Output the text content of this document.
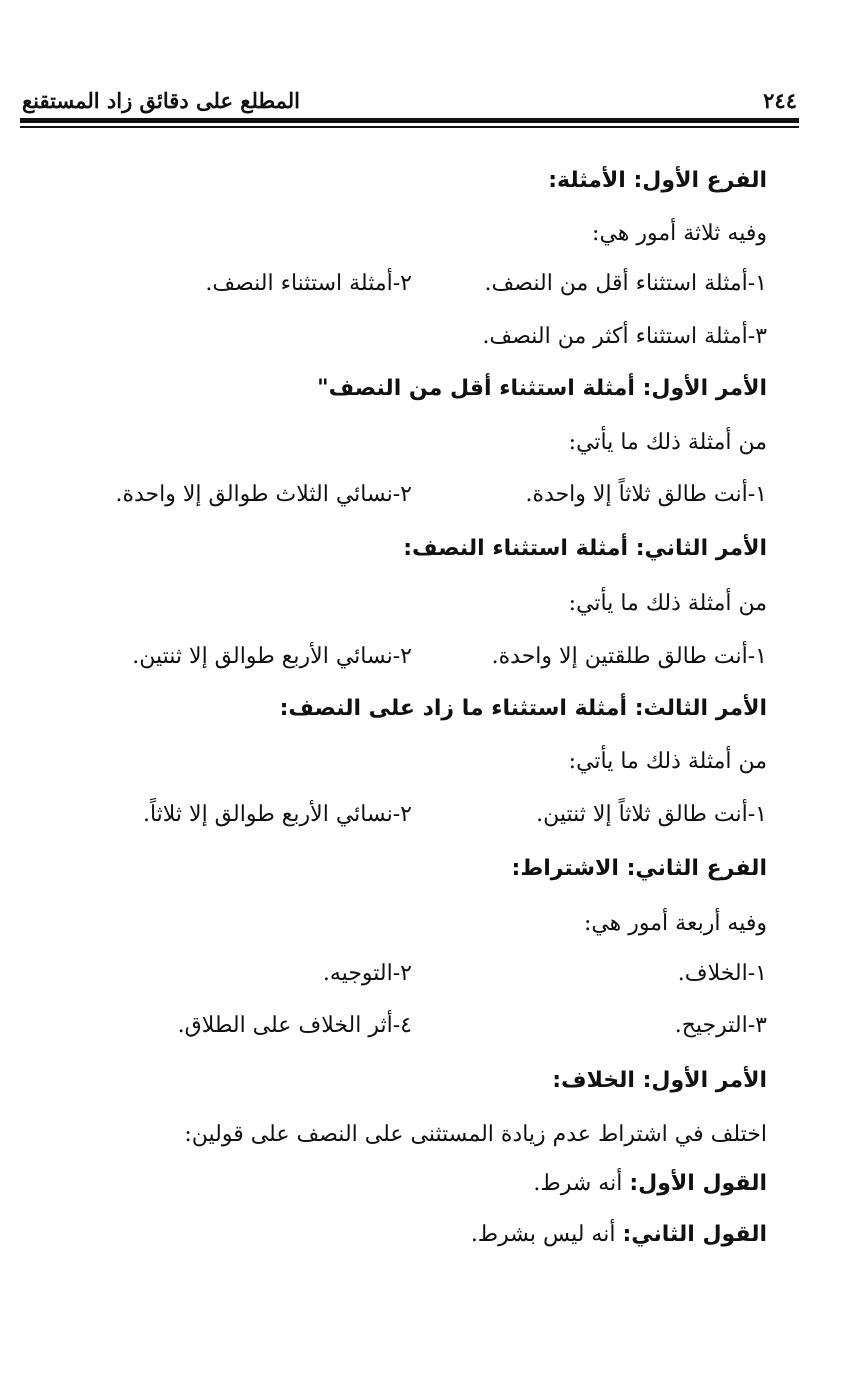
٢٤٤
المطلع على دقائق زاد المستقنع
الفرع الأول: الأمثلة:
وفيه ثلاثة أمور هي:
١-أمثلة استثناء أقل من النصف.
٢-أمثلة استثناء النصف.
٣-أمثلة استثناء أكثر من النصف.
الأمر الأول: أمثلة استثناء أقل من النصف"
من أمثلة ذلك ما يأتي:
١-أنت طالق ثلاثاً إلا واحدة.
٢-نسائي الثلاث طوالق إلا واحدة.
الأمر الثاني: أمثلة استثناء النصف:
من أمثلة ذلك ما يأتي:
١-أنت طالق طلقتين إلا واحدة.
٢-نسائي الأربع طوالق إلا ثنتين.
الأمر الثالث: أمثلة استثناء ما زاد على النصف:
من أمثلة ذلك ما يأتي:
١-أنت طالق ثلاثاً إلا ثنتين.
٢-نسائي الأربع طوالق إلا ثلاثاً.
الفرع الثاني: الاشتراط:
وفيه أربعة أمور هي:
١-الخلاف.
٢-التوجيه.
٣-الترجيح.
٤-أثر الخلاف على الطلاق.
الأمر الأول: الخلاف:
اختلف في اشتراط عدم زيادة المستثنى على النصف على قولين:
القول الأول: أنه شرط.
القول الثاني: أنه ليس بشرط.
